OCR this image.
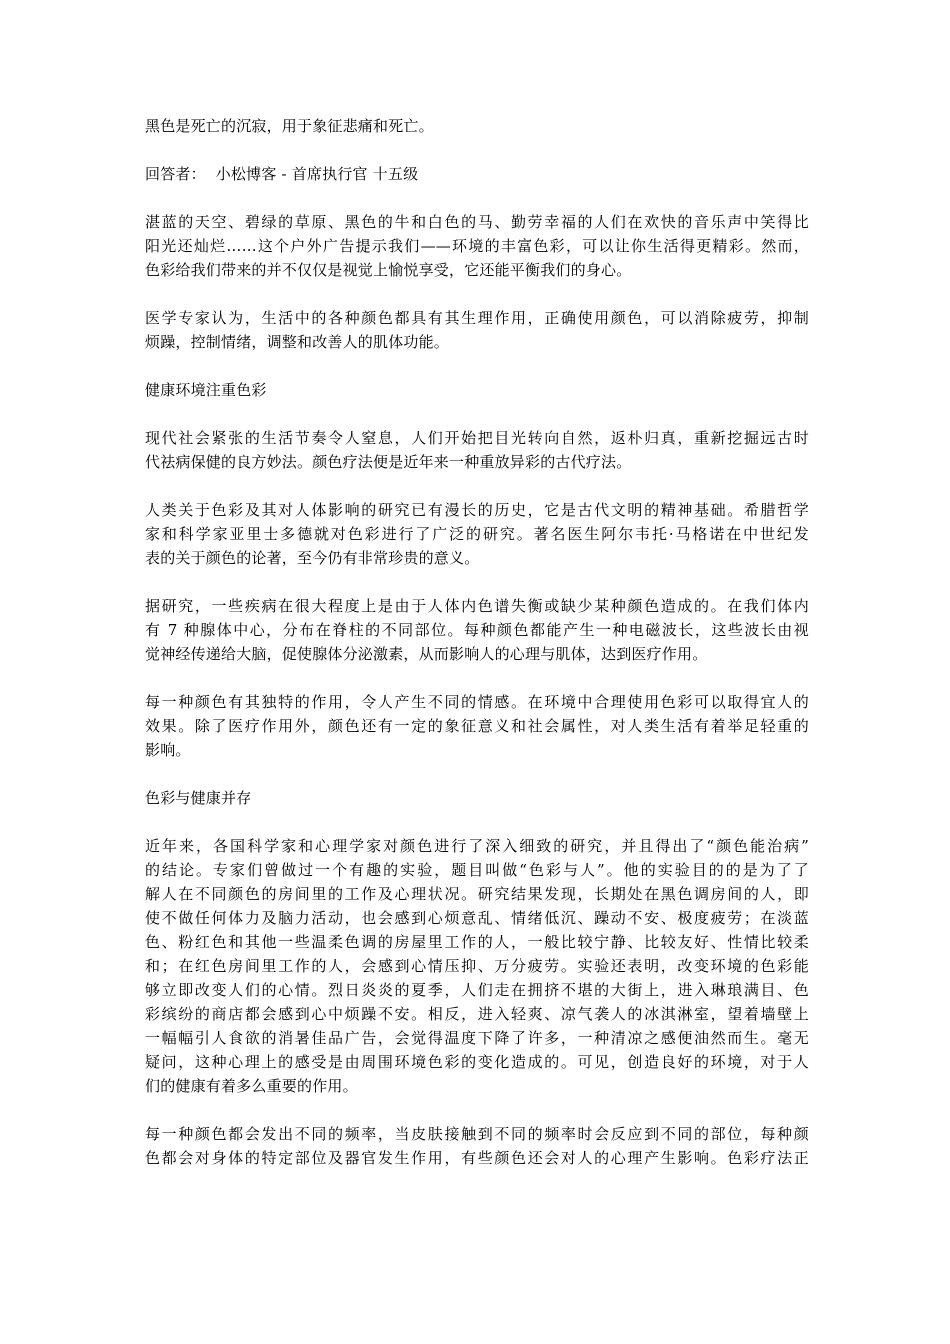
黑色是死亡的沉寂，用于象征悲痛和死亡。

回答者：  小松博客 - 首席执行官 十五级

湛蓝的天空、碧绿的草原、黑色的牛和白色的马、勤劳幸福的人们在欢快的音乐声中笑得比
阳光还灿烂……这个户外广告提示我们——环境的丰富色彩，可以让你生活得更精彩。然而，
色彩给我们带来的并不仅仅是视觉上愉悦享受，它还能平衡我们的身心。

医学专家认为，生活中的各种颜色都具有其生理作用，正确使用颜色，可以消除疲劳，抑制
烦躁，控制情绪，调整和改善人的肌体功能。

健康环境注重色彩

现代社会紧张的生活节奏令人窒息，人们开始把目光转向自然，返朴归真，重新挖掘远古时
代祛病保健的良方妙法。颜色疗法便是近年来一种重放异彩的古代疗法。

人类关于色彩及其对人体影响的研究已有漫长的历史，它是古代文明的精神基础。希腊哲学
家和科学家亚里士多德就对色彩进行了广泛的研究。著名医生阿尔韦托·马格诺在中世纪发
表的关于颜色的论著，至今仍有非常珍贵的意义。

据研究，一些疾病在很大程度上是由于人体内色谱失衡或缺少某种颜色造成的。在我们体内
有 7 种腺体中心，分布在脊柱的不同部位。每种颜色都能产生一种电磁波长，这些波长由视
觉神经传递给大脑，促使腺体分泌激素，从而影响人的心理与肌体，达到医疗作用。

每一种颜色有其独特的作用，令人产生不同的情感。在环境中合理使用色彩可以取得宜人的
效果。除了医疗作用外，颜色还有一定的象征意义和社会属性，对人类生活有着举足轻重的
影响。

色彩与健康并存

近年来，各国科学家和心理学家对颜色进行了深入细致的研究，并且得出了“颜色能治病”
的结论。专家们曾做过一个有趣的实验，题目叫做“色彩与人”。他的实验目的的是为了了
解人在不同颜色的房间里的工作及心理状况。研究结果发现，长期处在黑色调房间的人，即
使不做任何体力及脑力活动，也会感到心烦意乱、情绪低沉、躁动不安、极度疲劳；在淡蓝
色、粉红色和其他一些温柔色调的房屋里工作的人，一般比较宁静、比较友好、性情比较柔
和；在红色房间里工作的人，会感到心情压抑、万分疲劳。实验还表明，改变环境的色彩能
够立即改变人们的心情。烈日炎炎的夏季，人们走在拥挤不堪的大街上，进入琳琅满目、色
彩缤纷的商店都会感到心中烦躁不安。相反，进入轻爽、凉气袭人的冰淇淋室，望着墙壁上
一幅幅引人食欲的消暑佳品广告，会觉得温度下降了许多，一种清凉之感便油然而生。毫无
疑问，这种心理上的感受是由周围环境色彩的变化造成的。可见，创造良好的环境，对于人
们的健康有着多么重要的作用。

每一种颜色都会发出不同的频率，当皮肤接触到不同的频率时会反应到不同的部位，每种颜
色都会对身体的特定部位及器官发生作用，有些颜色还会对人的心理产生影响。色彩疗法正
